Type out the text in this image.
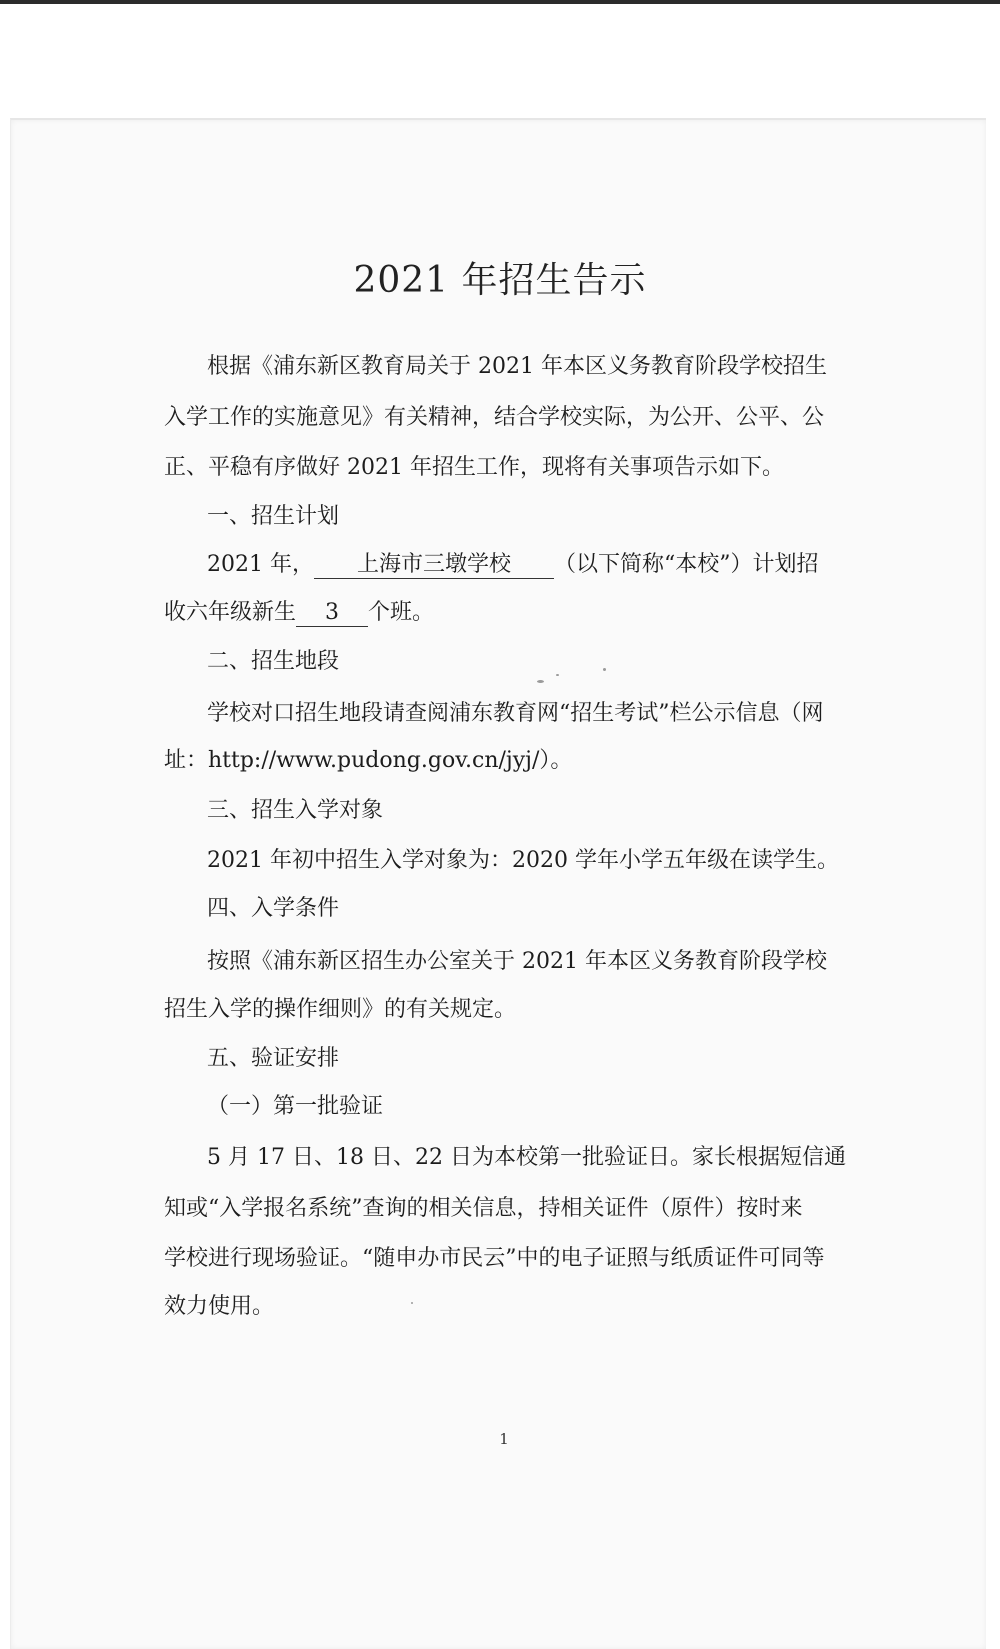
2021 年招生告示
根据《浦东新区教育局关于 2021 年本区义务教育阶段学校招生
入学工作的实施意见》有关精神，结合学校实际，为公开、公平、公
正、平稳有序做好 2021 年招生工作，现将有关事项告示如下。
一、招生计划
2021 年， 上海市三墩学校 （以下简称“本校”）计划招
收六年级新生 3 个班。
二、招生地段
学校对口招生地段请查阅浦东教育网“招生考试”栏公示信息（网
址：http://www.pudong.gov.cn/jyj/）。
三、招生入学对象
2021 年初中招生入学对象为：2020 学年小学五年级在读学生。
四、入学条件
按照《浦东新区招生办公室关于 2021 年本区义务教育阶段学校
招生入学的操作细则》的有关规定。
五、验证安排
（一）第一批验证
5 月 17 日、18 日、22 日为本校第一批验证日。家长根据短信通
知或“入学报名系统”查询的相关信息，持相关证件（原件）按时来
学校进行现场验证。“随申办市民云”中的电子证照与纸质证件可同等
效力使用。
1
